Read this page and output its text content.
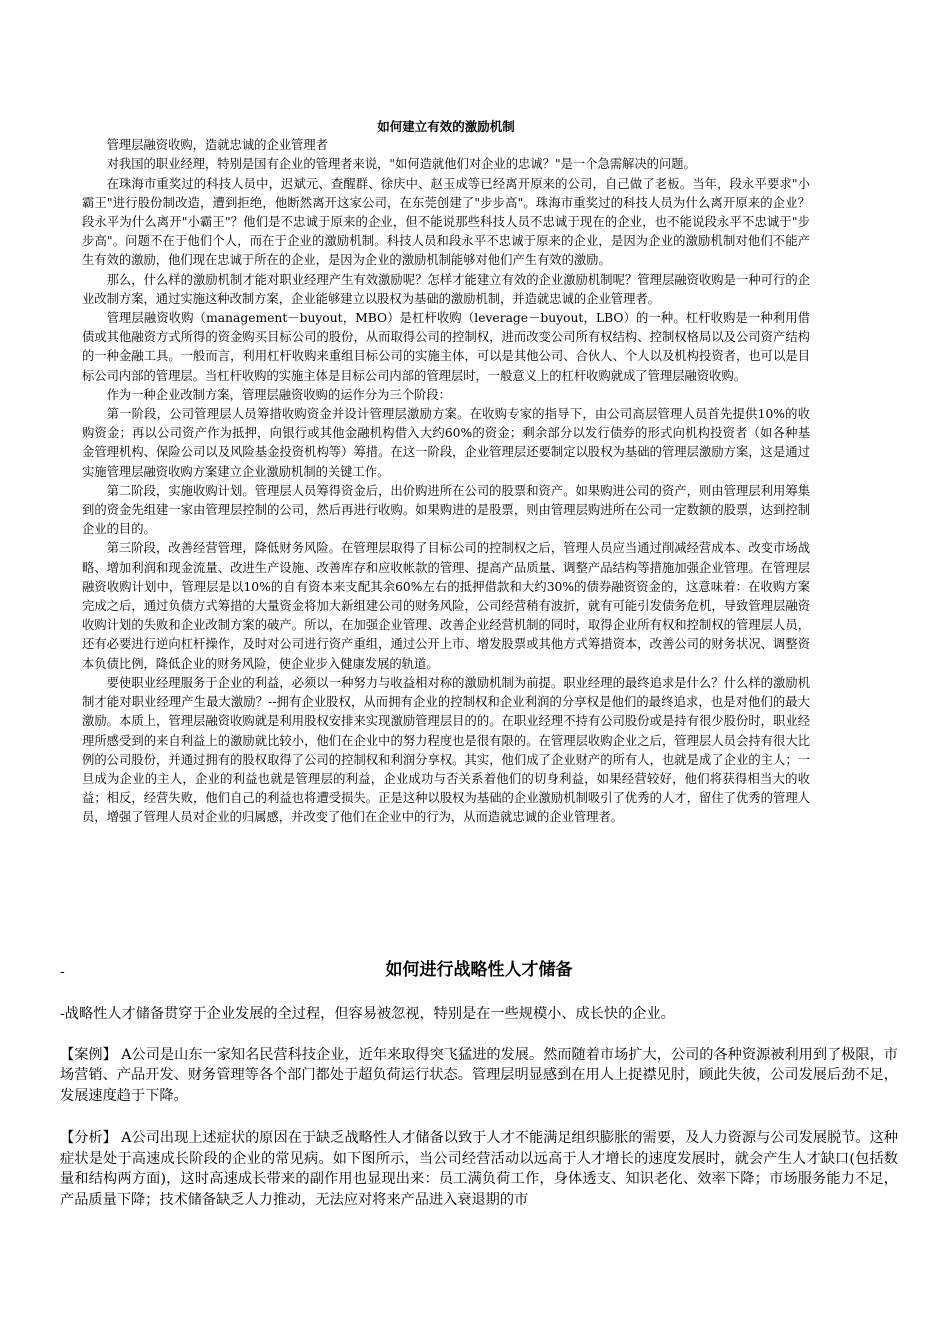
如何建立有效的激励机制

管理层融资收购，造就忠诚的企业管理者

对我国的职业经理，特别是国有企业的管理者来说，"如何造就他们对企业的忠诚？"是一个急需解决的问题。

在珠海市重奖过的科技人员中，迟斌元、查醒群、徐庆中、赵玉成等已经离开原来的公司，自己做了老板。当年，段永平要求"小霸王"进行股份制改造，遭到拒绝，他断然离开这家公司，在东莞创建了"步步高"。珠海市重奖过的科技人员为什么离开原来的企业？段永平为什么离开"小霸王"？他们是不忠诚于原来的企业，但不能说那些科技人员不忠诚于现在的企业，也不能说段永平不忠诚于"步步高"。问题不在于他们个人，而在于企业的激励机制。科技人员和段永平不忠诚于原来的企业，是因为企业的激励机制对他们不能产生有效的激励，他们现在忠诚于所在的企业，是因为企业的激励机制能够对他们产生有效的激励。

那么，什么样的激励机制才能对职业经理产生有效激励呢？怎样才能建立有效的企业激励机制呢？管理层融资收购是一种可行的企业改制方案，通过实施这种改制方案，企业能够建立以股权为基础的激励机制，并造就忠诚的企业管理者。

管理层融资收购（management－buyout，MBO）是杠杆收购（leverage－buyout，LBO）的一种。杠杆收购是一种利用借债或其他融资方式所得的资金购买目标公司的股份，从而取得公司的控制权，进而改变公司所有权结构、控制权格局以及公司资产结构的一种金融工具。一般而言，利用杠杆收购来重组目标公司的实施主体，可以是其他公司、合伙人、个人以及机构投资者，也可以是目标公司内部的管理层。当杠杆收购的实施主体是目标公司内部的管理层时，一般意义上的杠杆收购就成了管理层融资收购。

作为一种企业改制方案，管理层融资收购的运作分为三个阶段：

第一阶段，公司管理层人员筹措收购资金并设计管理层激励方案。在收购专家的指导下，由公司高层管理人员首先提供10%的收购资金；再以公司资产作为抵押，向银行或其他金融机构借入大约60%的资金；剩余部分以发行债券的形式向机构投资者（如各种基金管理机构、保险公司以及风险基金投资机构等）筹措。在这一阶段，企业管理层还要制定以股权为基础的管理层激励方案，这是通过实施管理层融资收购方案建立企业激励机制的关键工作。

第二阶段，实施收购计划。管理层人员筹得资金后，出价购进所在公司的股票和资产。如果购进公司的资产，则由管理层利用筹集到的资金先组建一家由管理层控制的公司，然后再进行收购。如果购进的是股票，则由管理层购进所在公司一定数额的股票，达到控制企业的目的。

第三阶段，改善经营管理，降低财务风险。在管理层取得了目标公司的控制权之后，管理人员应当通过削减经营成本、改变市场战略、增加利润和现金流量、改进生产设施、改善库存和应收帐款的管理、提高产品质量、调整产品结构等措施加强企业管理。在管理层融资收购计划中，管理层是以10%的自有资本来支配其余60%左右的抵押借款和大约30%的债券融资资金的，这意味着：在收购方案完成之后，通过负债方式筹措的大量资金将加大新组建公司的财务风险，公司经营稍有波折，就有可能引发债务危机，导致管理层融资收购计划的失败和企业改制方案的破产。所以，在加强企业管理、改善企业经营机制的同时，取得企业所有权和控制权的管理层人员，还有必要进行逆向杠杆操作，及时对公司进行资产重组，通过公开上市、增发股票或其他方式筹措资本，改善公司的财务状况、调整资本负债比例，降低企业的财务风险，使企业步入健康发展的轨道。

要使职业经理服务于企业的利益，必须以一种努力与收益相对称的激励机制为前提。职业经理的最终追求是什么？什么样的激励机制才能对职业经理产生最大激励？--拥有企业股权，从而拥有企业的控制权和企业利润的分享权是他们的最终追求，也是对他们的最大激励。本质上，管理层融资收购就是利用股权安排来实现激励管理层目的的。在职业经理不持有公司股份或是持有很少股份时，职业经理所感受到的来自利益上的激励就比较小，他们在企业中的努力程度也是很有限的。在管理层收购企业之后，管理层人员会持有很大比例的公司股份，并通过拥有的股权取得了公司的控制权和利润分享权。其实，他们成了企业财产的所有人，也就是成了企业的主人；一旦成为企业的主人，企业的利益也就是管理层的利益，企业成功与否关系着他们的切身利益，如果经营较好，他们将获得相当大的收益；相反，经营失败，他们自己的利益也将遭受损失。正是这种以股权为基础的企业激励机制吸引了优秀的人才，留住了优秀的管理人员，增强了管理人员对企业的归属感，并改变了他们在企业中的行为，从而造就忠诚的企业管理者。

-	如何进行战略性人才储备

-战略性人才储备贯穿于企业发展的全过程，但容易被忽视，特别是在一些规模小、成长快的企业。

【案例】 A公司是山东一家知名民营科技企业，近年来取得突飞猛进的发展。然而随着市场扩大，公司的各种资源被利用到了极限，市场营销、产品开发、财务管理等各个部门都处于超负荷运行状态。管理层明显感到在用人上捉襟见肘，顾此失彼，公司发展后劲不足，发展速度趋于下降。

【分析】 A公司出现上述症状的原因在于缺乏战略性人才储备以致于人才不能满足组织膨胀的需要，及人力资源与公司发展脱节。这种症状是处于高速成长阶段的企业的常见病。如下图所示，当公司经营活动以远高于人才增长的速度发展时，就会产生人才缺口(包括数量和结构两方面)，这时高速成长带来的副作用也显现出来：员工满负荷工作，身体透支、知识老化、效率下降；市场服务能力不足，产品质量下降；技术储备缺乏人力推动，无法应对将来产品进入衰退期的市
